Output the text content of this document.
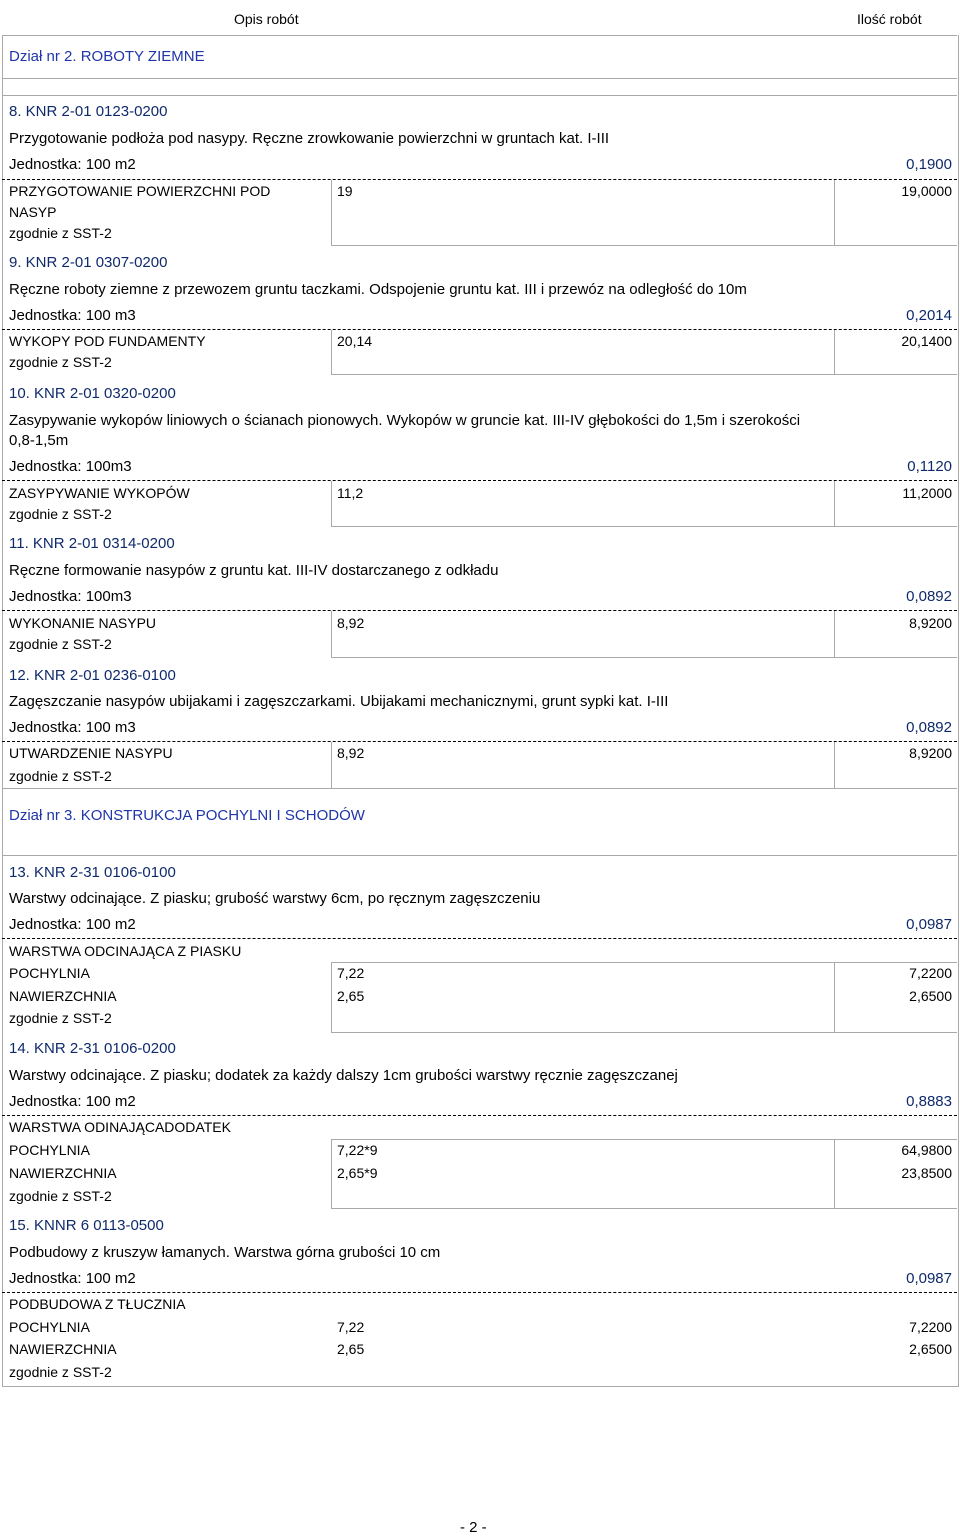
Opis robót	Ilość robót
Dział nr 2. ROBOTY ZIEMNE
8. KNR 2-01 0123-0200
Przygotowanie podłoża pod nasypy. Ręczne zrowkowanie powierzchni w gruntach kat. I-III
Jednostka: 100 m2	0,1900
PRZYGOTOWANIE POWIERZCHNI POD	19	19,0000
NASYP
zgodnie z SST-2
9. KNR 2-01 0307-0200
Ręczne roboty ziemne z przewozem gruntu taczkami. Odspojenie gruntu kat. III i przewóz na odległość do 10m
Jednostka: 100 m3	0,2014
WYKOPY POD FUNDAMENTY	20,14	20,1400
zgodnie z SST-2
10. KNR 2-01 0320-0200
Zasypywanie wykopów liniowych o ścianach pionowych. Wykopów w gruncie kat. III-IV głębokości do 1,5m i szerokości
0,8-1,5m
Jednostka: 100m3	0,1120
ZASYPYWANIE WYKOPÓW	11,2	11,2000
zgodnie z SST-2
11. KNR 2-01 0314-0200
Ręczne formowanie nasypów z gruntu kat. III-IV dostarczanego z odkładu
Jednostka: 100m3	0,0892
WYKONANIE NASYPU	8,92	8,9200
zgodnie z SST-2
12. KNR 2-01 0236-0100
Zagęszczanie nasypów ubijakami i zagęszczarkami. Ubijakami mechanicznymi, grunt sypki kat. I-III
Jednostka: 100 m3	0,0892
UTWARDZENIE NASYPU	8,92	8,9200
zgodnie z SST-2
Dział nr 3. KONSTRUKCJA POCHYLNI I SCHODÓW
13. KNR 2-31 0106-0100
Warstwy odcinające. Z piasku; grubość warstwy 6cm, po ręcznym zagęszczeniu
Jednostka: 100 m2	0,0987
WARSTWA ODCINAJĄCA Z PIASKU
POCHYLNIA	7,22	7,2200
NAWIERZCHNIA	2,65	2,6500
zgodnie z SST-2
14. KNR 2-31 0106-0200
Warstwy odcinające. Z piasku; dodatek za każdy dalszy 1cm grubości warstwy ręcznie zagęszczanej
Jednostka: 100 m2	0,8883
WARSTWA ODINAJĄCADODATEK
POCHYLNIA	7,22*9	64,9800
NAWIERZCHNIA	2,65*9	23,8500
zgodnie z SST-2
15. KNNR 6 0113-0500
Podbudowy z kruszyw łamanych. Warstwa górna grubości 10 cm
Jednostka: 100 m2	0,0987
PODBUDOWA Z TŁUCZNIA
POCHYLNIA	7,22	7,2200
NAWIERZCHNIA	2,65	2,6500
zgodnie z SST-2
- 2 -
